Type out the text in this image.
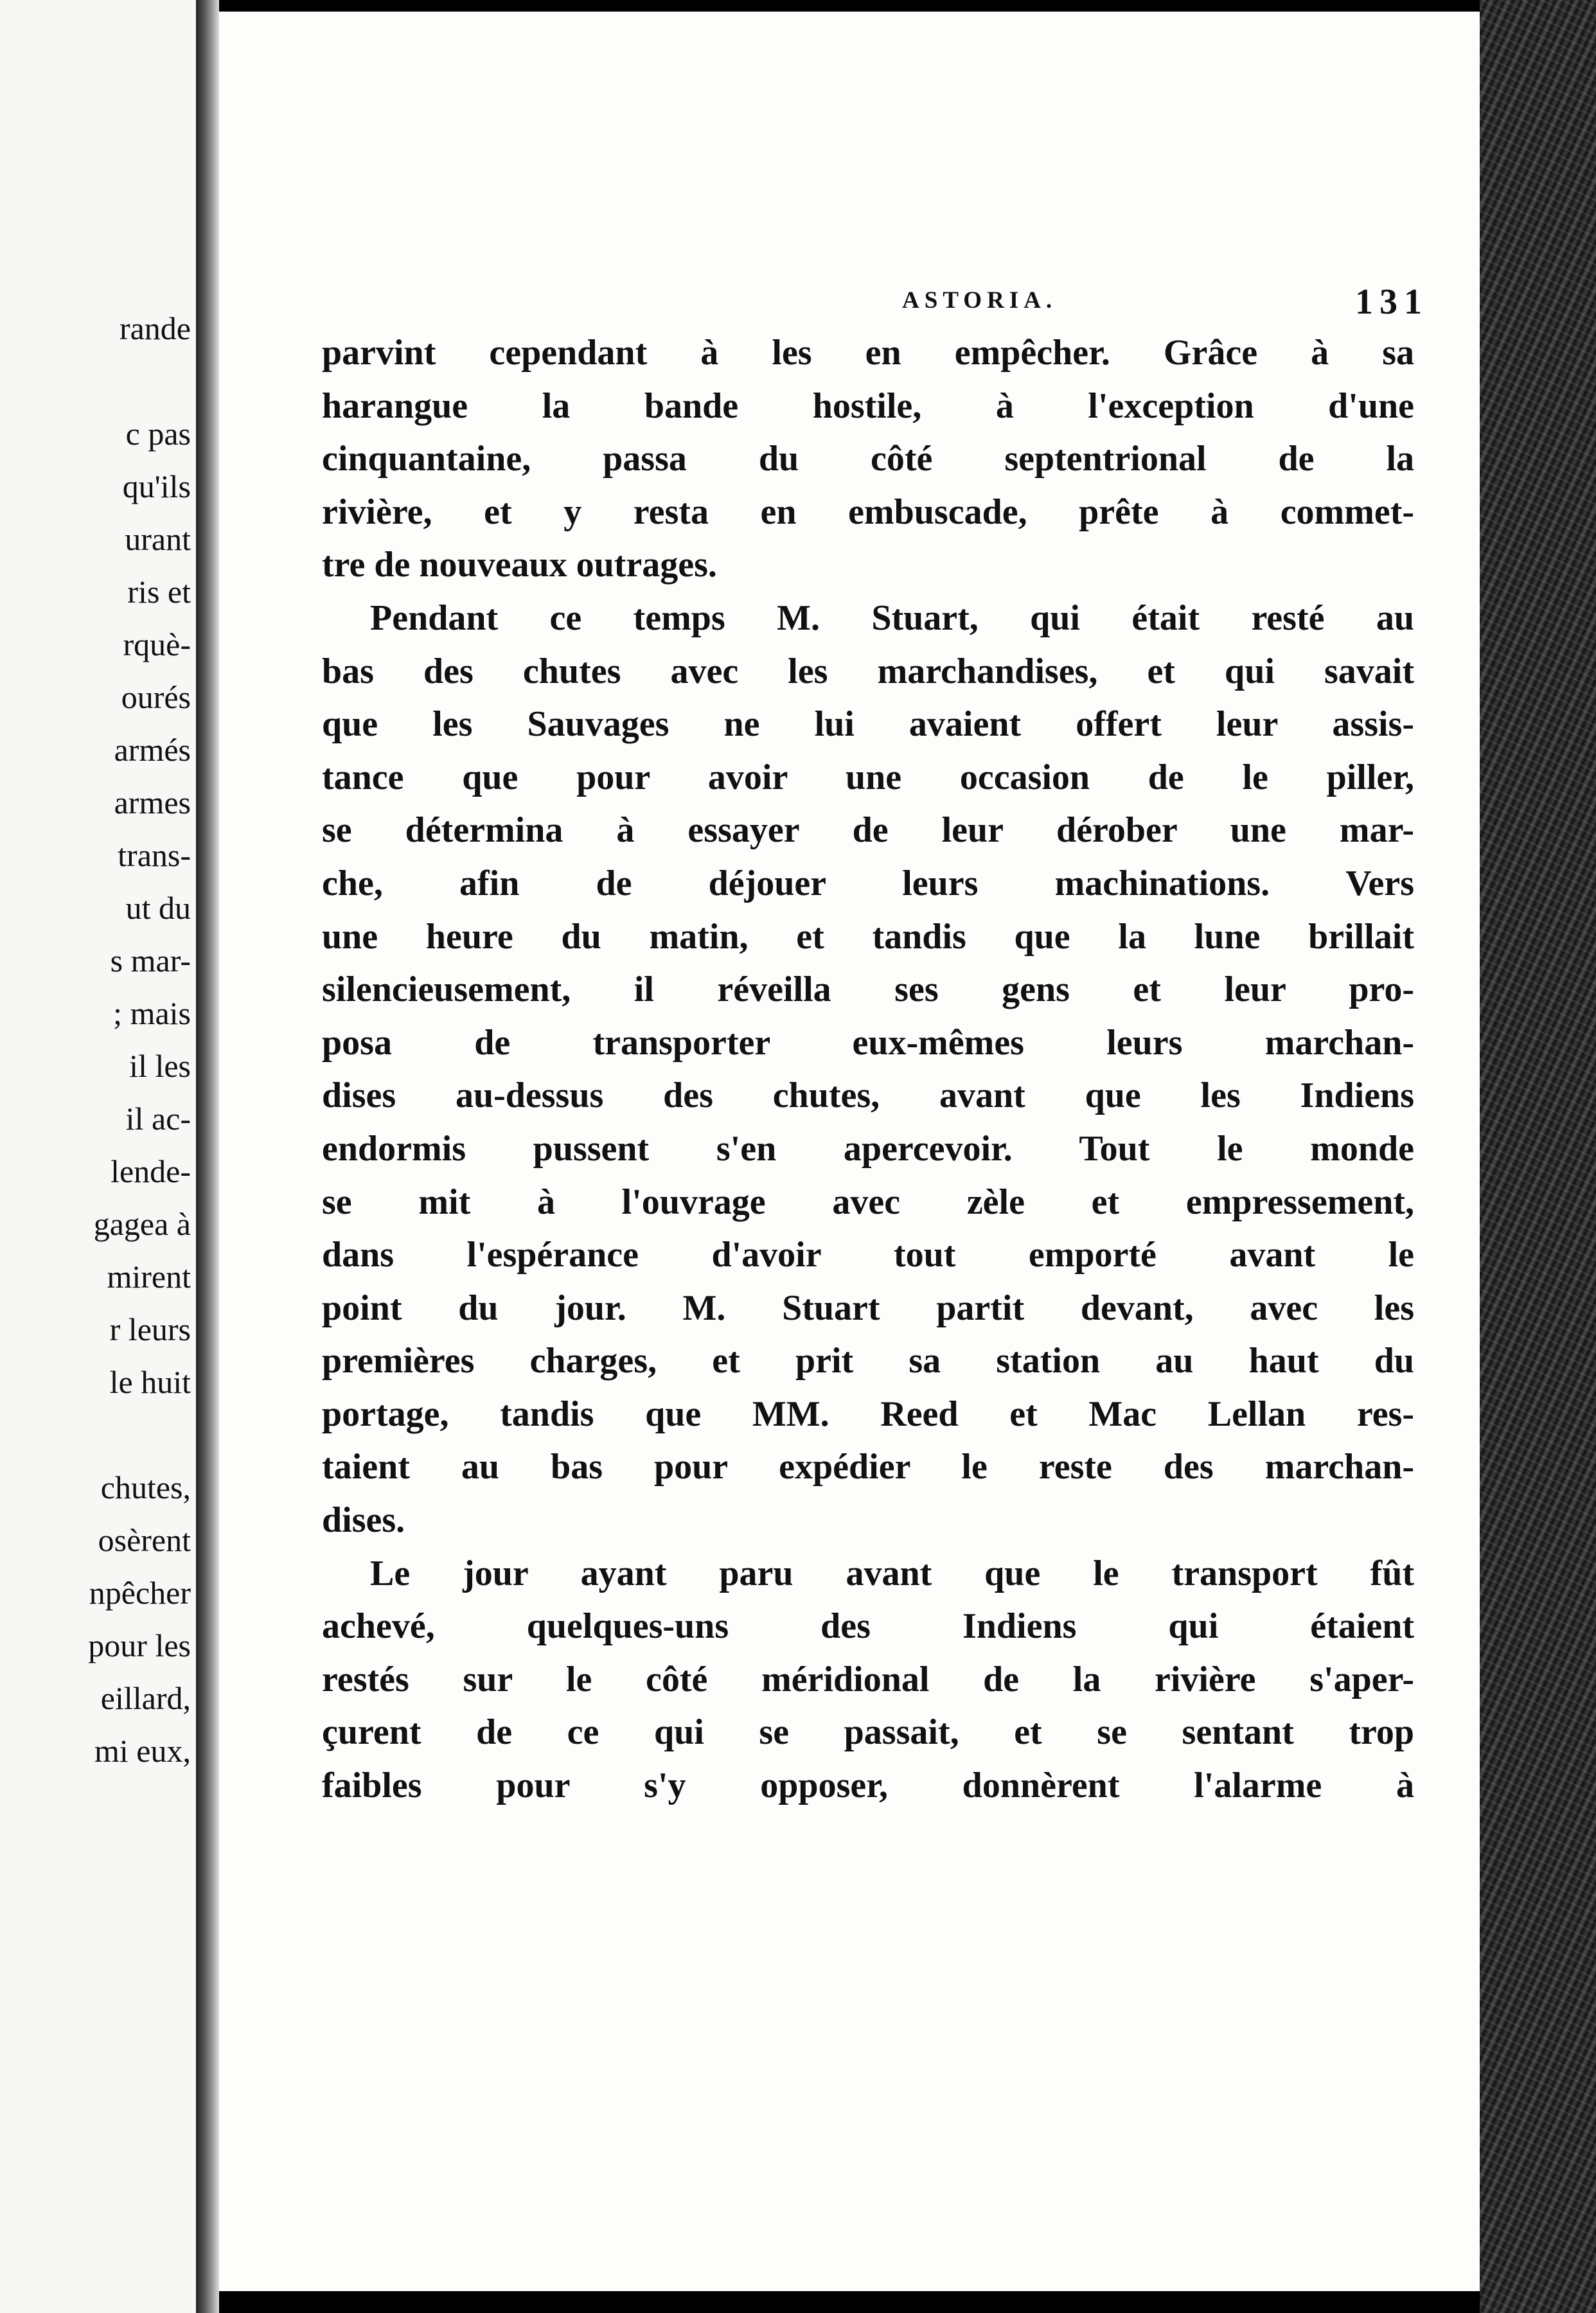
rande

c pas
qu'ils
urant
ris et
rquè-
ourés
armés
armes
trans-
ut du
s mar-
; mais
il les
il ac-
lende-
gagea à
mirent
r leurs
le huit

chutes,
osèrent
npêcher
pour les
eillard,
mi eux,
ASTORIA.	131
parvint cependant à les en empêcher. Grâce à sa
harangue la bande hostile, à l'exception d'une
cinquantaine, passa du côté septentrional de la
rivière, et y resta en embuscade, prête à commet-
tre de nouveaux outrages.
Pendant ce temps M. Stuart, qui était resté au
bas des chutes avec les marchandises, et qui savait
que les Sauvages ne lui avaient offert leur assis-
tance que pour avoir une occasion de le piller,
se détermina à essayer de leur dérober une mar-
che, afin de déjouer leurs machinations. Vers
une heure du matin, et tandis que la lune brillait
silencieusement, il réveilla ses gens et leur pro-
posa de transporter eux-mêmes leurs marchan-
dises au-dessus des chutes, avant que les Indiens
endormis pussent s'en apercevoir. Tout le monde
se mit à l'ouvrage avec zèle et empressement,
dans l'espérance d'avoir tout emporté avant le
point du jour. M. Stuart partit devant, avec les
premières charges, et prit sa station au haut du
portage, tandis que MM. Reed et Mac Lellan res-
taient au bas pour expédier le reste des marchan-
dises.
Le jour ayant paru avant que le transport fût
achevé, quelques-uns des Indiens qui étaient
restés sur le côté méridional de la rivière s'aper-
çurent de ce qui se passait, et se sentant trop
faibles pour s'y opposer, donnèrent l'alarme à
